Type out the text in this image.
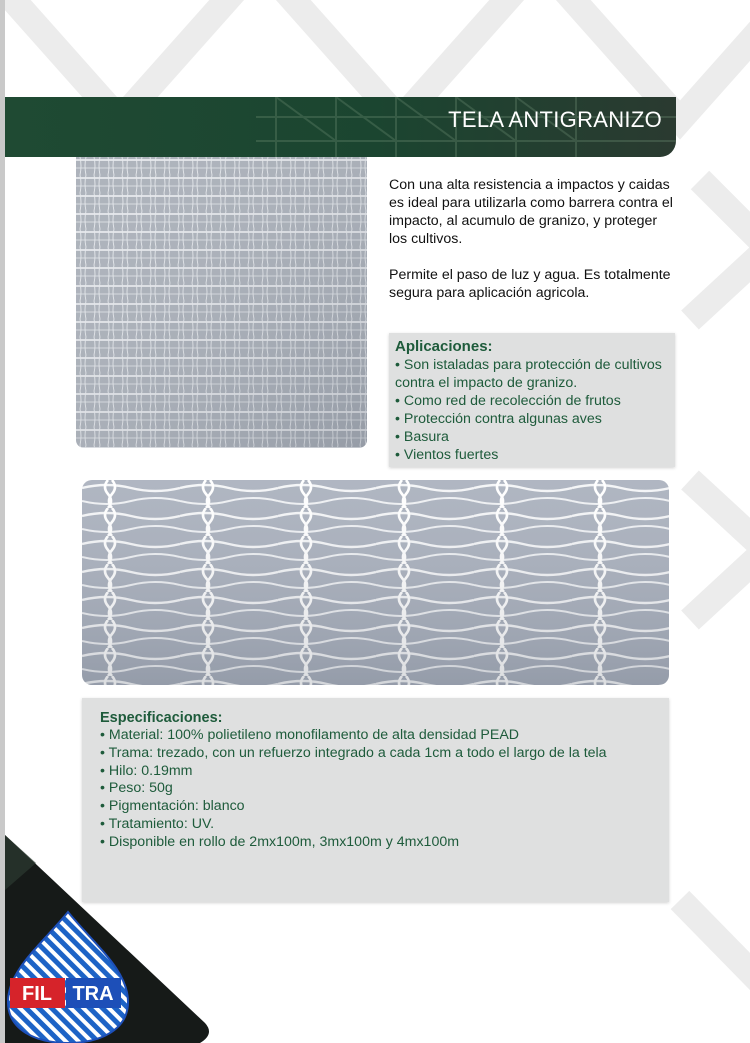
TELA ANTIGRANIZO

Con una alta resistencia a impactos y caidas es ideal para utilizarla como barrera contra el impacto, al acumulo de granizo, y proteger los cultivos.

Permite el paso de luz y agua. Es totalmente segura para aplicación agricola.

Aplicaciones:
• Son istaladas para protección de cultivos contra el impacto de granizo.
• Como red de recolección de frutos
• Protección contra algunas aves
• Basura
• Vientos fuertes
Especificaciones:
• Material: 100% polietileno monofilamento de alta densidad PEAD
• Trama: trezado, con un refuerzo integrado a cada 1cm a todo el largo de la tela
• Hilo: 0.19mm
• Peso: 50g
• Pigmentación: blanco
• Tratamiento: UV.
• Disponible en rollo de 2mx100m, 3mx100m y 4mx100m
FIL TRA
